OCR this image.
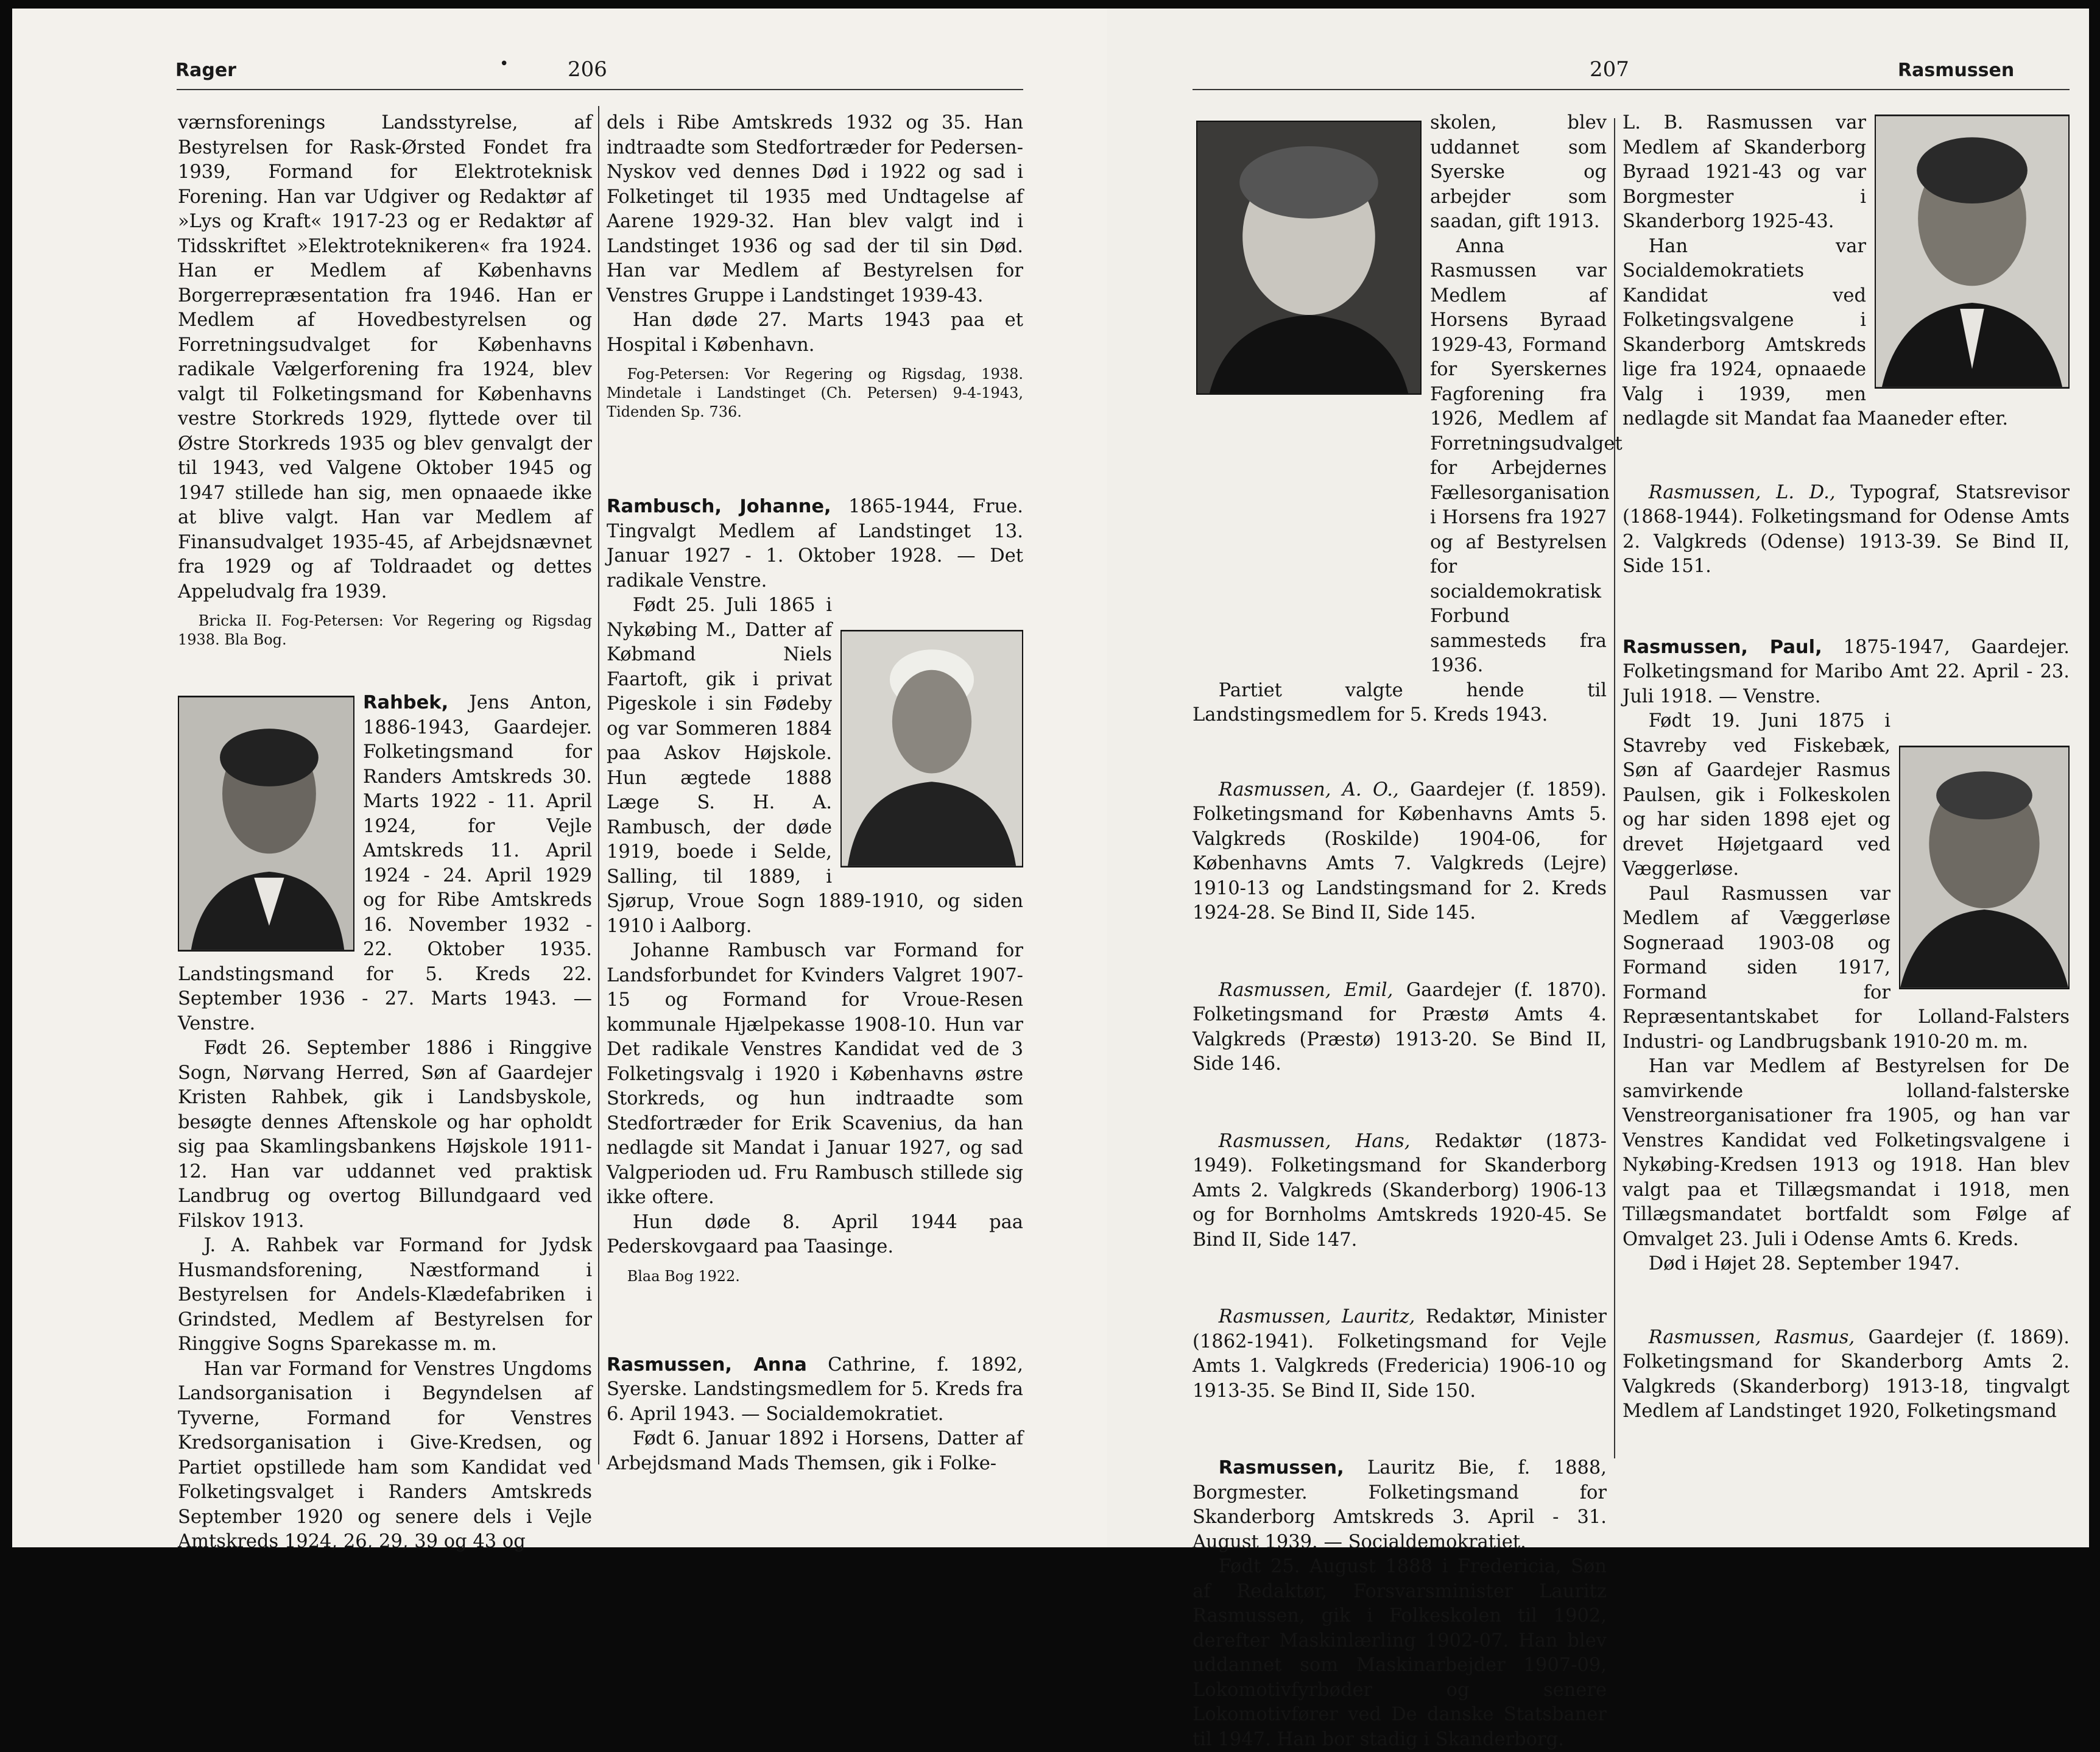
Rager	•	206

værnsforenings Landsstyrelse, af Bestyrelsen for Rask-Ørsted Fondet fra 1939, Formand for Elektroteknisk Forening. Han var Udgiver og Redaktør af »Lys og Kraft« 1917-23 og er Redaktør af Tidsskriftet »Elektroteknikeren« fra 1924. Han er Medlem af Københavns Borgerrepræsentation fra 1946. Han er Medlem af Hovedbestyrelsen og Forretningsudvalget for Københavns radikale Vælgerforening fra 1924, blev valgt til Folketingsmand for Københavns vestre Storkreds 1929, flyttede over til Østre Storkreds 1935 og blev genvalgt der til 1943, ved Valgene Oktober 1945 og 1947 stillede han sig, men opnaaede ikke at blive valgt. Han var Medlem af Finansudvalget 1935-45, af Arbejdsnævnet fra 1929 og af Toldraadet og dettes Appeludvalg fra 1939.

Bricka II. Fog-Petersen: Vor Regering og Rigsdag 1938. Bla Bog.

Rahbek, Jens Anton, 1886-1943, Gaardejer. Folketingsmand for Randers Amtskreds 30. Marts 1922 - 11. April 1924, for Vejle Amtskreds 11. April 1924 - 24. April 1929 og for Ribe Amtskreds 16. November 1932 - 22. Oktober 1935. Landstingsmand for 5. Kreds 22. September 1936 - 27. Marts 1943. — Venstre.

Født 26. September 1886 i Ringgive Sogn, Nørvang Herred, Søn af Gaardejer Kristen Rahbek, gik i Landsbyskole, besøgte dennes Aftenskole og har opholdt sig paa Skamlingsbankens Højskole 1911-12. Han var uddannet ved praktisk Landbrug og overtog Billundgaard ved Filskov 1913.

J. A. Rahbek var Formand for Jydsk Husmandsforening, Næstformand i Bestyrelsen for Andels-Klædefabriken i Grindsted, Medlem af Bestyrelsen for Ringgive Sogns Sparekasse m. m.

Han var Formand for Venstres Ungdoms Landsorganisation i Begyndelsen af Tyverne, Formand for Venstres Kredsorganisation i Give-Kredsen, og Partiet opstillede ham som Kandidat ved Folketingsvalget i Randers Amtskreds September 1920 og senere dels i Vejle Amtskreds 1924, 26, 29, 39 og 43 og

dels i Ribe Amtskreds 1932 og 35. Han indtraadte som Stedfortræder for Pedersen-Nyskov ved dennes Død i 1922 og sad i Folketinget til 1935 med Undtagelse af Aarene 1929-32. Han blev valgt ind i Landstinget 1936 og sad der til sin Død. Han var Medlem af Bestyrelsen for Venstres Gruppe i Landstinget 1939-43.

Han døde 27. Marts 1943 paa et Hospital i København.

Fog-Petersen: Vor Regering og Rigsdag, 1938. Mindetale i Landstinget (Ch. Petersen) 9-4-1943, Tidenden Sp. 736.

Rambusch, Johanne, 1865-1944, Frue. Tingvalgt Medlem af Landstinget 13. Januar 1927 - 1. Oktober 1928. — Det radikale Venstre.

Født 25. Juli 1865 i Nykøbing M., Datter af Købmand Niels Faartoft, gik i privat Pigeskole i sin Fødeby og var Sommeren 1884 paa Askov Højskole. Hun ægtede 1888 Læge S. H. A. Rambusch, der døde 1919, boede i Selde, Salling, til 1889, i Sjørup, Vroue Sogn 1889-1910, og siden 1910 i Aalborg.

Johanne Rambusch var Formand for Landsforbundet for Kvinders Valgret 1907-15 og Formand for Vroue-Resen kommunale Hjælpekasse 1908-10. Hun var Det radikale Venstres Kandidat ved de 3 Folketingsvalg i 1920 i Københavns østre Storkreds, og hun indtraadte som Stedfortræder for Erik Scavenius, da han nedlagde sit Mandat i Januar 1927, og sad Valgperioden ud. Fru Rambusch stillede sig ikke oftere.

Hun døde 8. April 1944 paa Pederskovgaard paa Taasinge.

Blaa Bog 1922.

Rasmussen, Anna Cathrine, f. 1892, Syerske. Landstingsmedlem for 5. Kreds fra 6. April 1943. — Socialdemokratiet.

Født 6. Januar 1892 i Horsens, Datter af Arbejdsmand Mads Themsen, gik i Folke-

207	Rasmussen

skolen, blev uddannet som Syerske og arbejder som saadan, gift 1913.

Anna Rasmussen var Medlem af Horsens Byraad 1929-43, Formand for Syerskernes Fagforening fra 1926, Medlem af Forretningsudvalget for Arbejdernes Fællesorganisation i Horsens fra 1927 og af Bestyrelsen for socialdemokratisk Forbund sammesteds fra 1936.

Partiet valgte hende til Landstingsmedlem for 5. Kreds 1943.

Rasmussen, A. O., Gaardejer (f. 1859). Folketingsmand for Københavns Amts 5. Valgkreds (Roskilde) 1904-06, for Københavns Amts 7. Valgkreds (Lejre) 1910-13 og Landstingsmand for 2. Kreds 1924-28. Se Bind II, Side 145.

Rasmussen, Emil, Gaardejer (f. 1870). Folketingsmand for Præstø Amts 4. Valgkreds (Præstø) 1913-20. Se Bind II, Side 146.

Rasmussen, Hans, Redaktør (1873-1949). Folketingsmand for Skanderborg Amts 2. Valgkreds (Skanderborg) 1906-13 og for Bornholms Amtskreds 1920-45. Se Bind II, Side 147.

Rasmussen, Lauritz, Redaktør, Minister (1862-1941). Folketingsmand for Vejle Amts 1. Valgkreds (Fredericia) 1906-10 og 1913-35. Se Bind II, Side 150.

Rasmussen, Lauritz Bie, f. 1888, Borgmester. Folketingsmand for Skanderborg Amtskreds 3. April - 31. August 1939. — Socialdemokratiet.

Født 25. August 1888 i Fredericia, Søn af Redaktør, Forsvarsminister Lauritz Rasmussen, gik i Folkeskolen til 1902, derefter Maskinlærling 1902-07. Han blev uddannet som Maskinarbejder 1907-09, Lokomotivfyrbøder og senere Lokomotivfører ved De danske Statsbaner til 1947. Han bor stadig i Skanderborg.

L. B. Rasmussen var Medlem af Skanderborg Byraad 1921-43 og var Borgmester i Skanderborg 1925-43.

Han var Socialdemokratiets Kandidat ved Folketingsvalgene i Skanderborg Amtskreds lige fra 1924, opnaaede Valg i 1939, men nedlagde sit Mandat faa Maaneder efter.

Rasmussen, L. D., Typograf, Statsrevisor (1868-1944). Folketingsmand for Odense Amts 2. Valgkreds (Odense) 1913-39. Se Bind II, Side 151.

Rasmussen, Paul, 1875-1947, Gaardejer. Folketingsmand for Maribo Amt 22. April - 23. Juli 1918. — Venstre.

Født 19. Juni 1875 i Stavreby ved Fiskebæk, Søn af Gaardejer Rasmus Paulsen, gik i Folkeskolen og har siden 1898 ejet og drevet Højetgaard ved Væggerløse.

Paul Rasmussen var Medlem af Væggerløse Sogneraad 1903-08 og Formand siden 1917, Formand for Repræsentantskabet for Lolland-Falsters Industri- og Landbrugsbank 1910-20 m. m.

Han var Medlem af Bestyrelsen for De samvirkende lolland-falsterske Venstreorganisationer fra 1905, og han var Venstres Kandidat ved Folketingsvalgene i Nykøbing-Kredsen 1913 og 1918. Han blev valgt paa et Tillægsmandat i 1918, men Tillægsmandatet bortfaldt som Følge af Omvalget 23. Juli i Odense Amts 6. Kreds.

Død i Højet 28. September 1947.

Rasmussen, Rasmus, Gaardejer (f. 1869). Folketingsmand for Skanderborg Amts 2. Valgkreds (Skanderborg) 1913-18, tingvalgt Medlem af Landstinget 1920, Folketingsmand
